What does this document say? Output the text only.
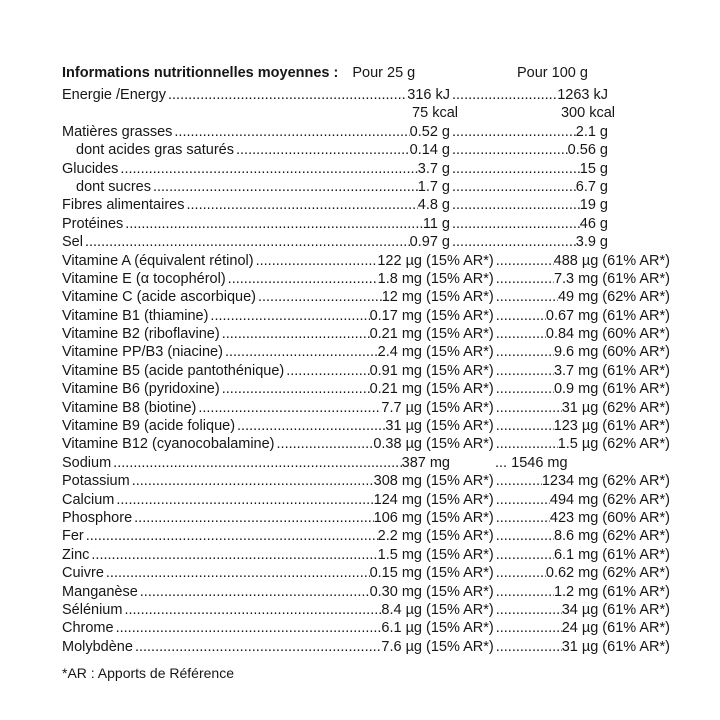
Informations nutritionnelles moyennes : Pour 25 g	Pour 100 g
Energie /Energy .....	316 kJ .....	1263 kJ
75 kcal	300 kcal
Matières grasses .....	0.52 g .....	2.1 g
dont acides gras saturés .....	0.14 g .....	0.56 g
Glucides .....	3.7 g .....	15 g
dont sucres .....	1.7 g .....	6.7 g
Fibres alimentaires .....	4.8 g .....	19 g
Protéines .....	11 g .....	46 g
Sel .....	0.97 g .....	3.9 g
Vitamine A (équivalent rétinol) .....	122 µg (15% AR*) .....	488 µg (61% AR*)
Vitamine E (α tocophérol) .....	1.8 mg (15% AR*) .....	7.3 mg (61% AR*)
Vitamine C (acide ascorbique) .....	12 mg (15% AR*) .....	49 mg (62% AR*)
Vitamine B1 (thiamine) .....	0.17 mg (15% AR*) .....	0.67 mg (61% AR*)
Vitamine B2 (riboflavine) .....	0.21 mg (15% AR*) .....	0.84 mg (60% AR*)
Vitamine PP/B3 (niacine) .....	2.4 mg (15% AR*) .....	9.6 mg (60% AR*)
Vitamine B5 (acide pantothénique) .....	0.91 mg (15% AR*) .....	3.7 mg (61% AR*)
Vitamine B6 (pyridoxine) .....	0.21 mg (15% AR*) .....	0.9 mg (61% AR*)
Vitamine B8 (biotine) .....	7.7 µg (15% AR*) .....	31 µg (62% AR*)
Vitamine B9 (acide folique) .....	31 µg (15% AR*) .....	123 µg (61% AR*)
Vitamine B12 (cyanocobalamine) .....	0.38 µg (15% AR*) .....	1.5 µg (62% AR*)
Sodium .....	387 mg	... 1546 mg
Potassium .....	308 mg (15% AR*) .....	1234 mg (62% AR*)
Calcium .....	124 mg (15% AR*) .....	494 mg (62% AR*)
Phosphore .....	106 mg (15% AR*) .....	423 mg (60% AR*)
Fer .....	2.2 mg (15% AR*) .....	8.6 mg (62% AR*)
Zinc .....	1.5 mg (15% AR*) .....	6.1 mg (61% AR*)
Cuivre .....	0.15 mg (15% AR*) .....	0.62 mg (62% AR*)
Manganèse .....	0.30 mg (15% AR*) .....	1.2 mg (61% AR*)
Sélénium .....	8.4 µg (15% AR*) .....	34 µg (61% AR*)
Chrome .....	6.1 µg (15% AR*) .....	24 µg (61% AR*)
Molybdène .....	7.6 µg (15% AR*) .....	31 µg (61% AR*)
*AR : Apports de Référence
